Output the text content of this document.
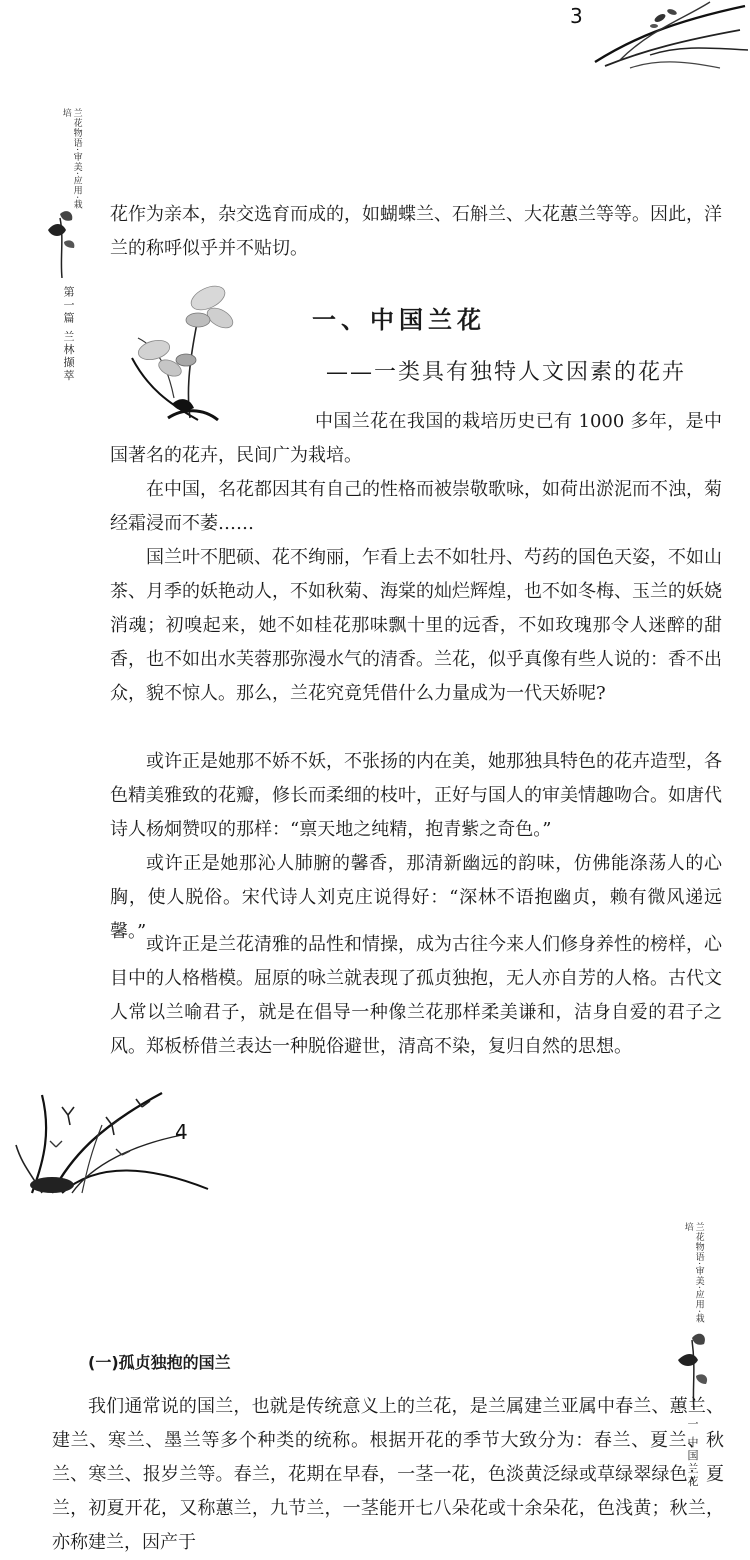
3
兰花物语·审美·应用·栽培
第一篇 兰林撷萃

花作为亲本，杂交选育而成的，如蝴蝶兰、石斛兰、大花蕙兰等等。因此，洋兰的称呼似乎并不贴切。

一、中国兰花
——一类具有独特人文因素的花卉

中国兰花在我国的栽培历史已有 1000 多年，是中国著名的花卉，民间广为栽培。

在中国，名花都因其有自己的性格而被崇敬歌咏，如荷出淤泥而不浊，菊经霜浸而不萎……

国兰叶不肥硕、花不绚丽，乍看上去不如牡丹、芍药的国色天姿，不如山茶、月季的妖艳动人，不如秋菊、海棠的灿烂辉煌，也不如冬梅、玉兰的妖娆消魂；初嗅起来，她不如桂花那味飘十里的远香，不如玫瑰那令人迷醉的甜香，也不如出水芙蓉那弥漫水气的清香。兰花，似乎真像有些人说的：香不出众，貌不惊人。那么，兰花究竟凭借什么力量成为一代天娇呢?

或许正是她那不娇不妖，不张扬的内在美，她那独具特色的花卉造型，各色精美雅致的花瓣，修长而柔细的枝叶，正好与国人的审美情趣吻合。如唐代诗人杨炯赞叹的那样：“禀天地之纯精，抱青紫之奇色。”

或许正是她那沁人肺腑的馨香，那清新幽远的韵味，仿佛能涤荡人的心胸，使人脱俗。宋代诗人刘克庄说得好：“深林不语抱幽贞，赖有微风递远馨。”

或许正是兰花清雅的品性和情操，成为古往今来人们修身养性的榜样，心目中的人格楷模。屈原的咏兰就表现了孤贞独抱，无人亦自芳的人格。古代文人常以兰喻君子，就是在倡导一种像兰花那样柔美谦和，洁身自爱的君子之风。郑板桥借兰表达一种脱俗避世，清高不染，复归自然的思想。

4
兰花物语·审美·应用·栽培
一 中国兰花
(一)孤贞独抱的国兰

我们通常说的国兰，也就是传统意义上的兰花，是兰属建兰亚属中春兰、蕙兰、建兰、寒兰、墨兰等多个种类的统称。根据开花的季节大致分为：春兰、夏兰、秋兰、寒兰、报岁兰等。春兰，花期在早春，一茎一花，色淡黄泛绿或草绿翠绿色；夏兰，初夏开花，又称蕙兰，九节兰，一茎能开七八朵花或十余朵花，色浅黄；秋兰，亦称建兰，因产于
